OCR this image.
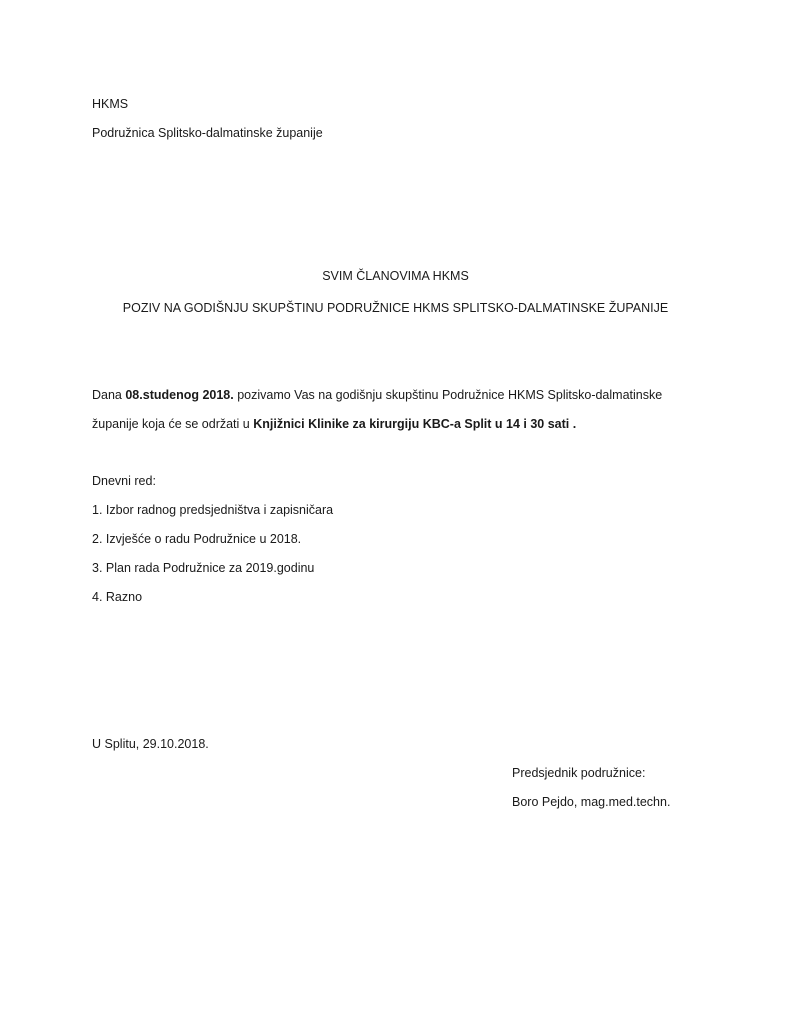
HKMS
Podružnica Splitsko-dalmatinske županije
SVIM ČLANOVIMA HKMS
POZIV NA GODIŠNJU SKUPŠTINU PODRUŽNICE HKMS SPLITSKO-DALMATINSKE ŽUPANIJE
Dana 08.studenog 2018. pozivamo Vas na godišnju skupštinu Podružnice HKMS Splitsko-dalmatinske
županije koja će se održati u Knjižnici Klinike za kirurgiju KBC-a Split u 14 i 30 sati .
Dnevni red:
1. Izbor radnog predsjedništva i zapisničara
2. Izvješće o radu Podružnice u 2018.
3. Plan rada Podružnice za 2019.godinu
4. Razno
U Splitu, 29.10.2018.
Predsjednik podružnice:
Boro Pejdo, mag.med.techn.
